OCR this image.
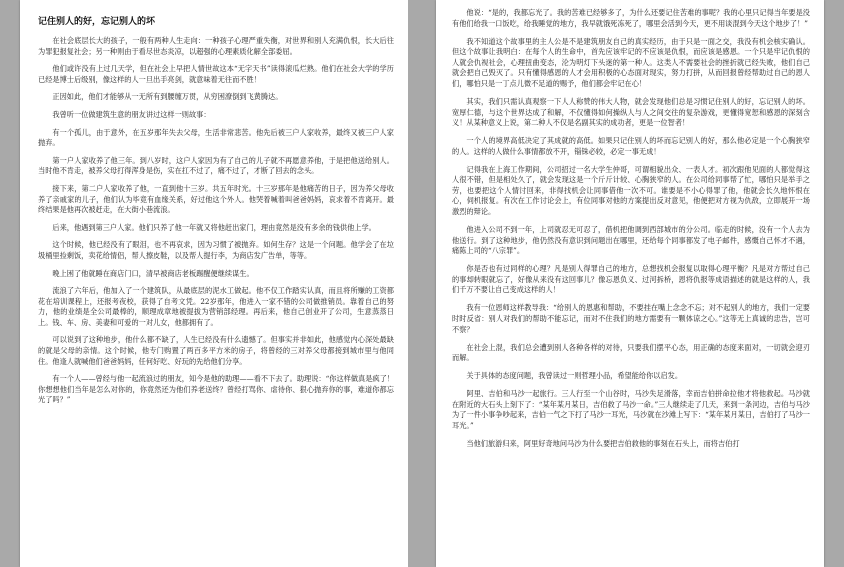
记住别人的好，忘记别人的坏

在社会底层长大的孩子，一般有两种人生走向：一种孩子心理严重失衡，对世界和别人充满仇恨，长大后往为罪犯报复社会；另一种则由于看尽世态炎凉，以超强的心理素质化解全部委屈。

他们或许没有上过几天学，但在社会上早把人情世故这本“无字天书”读得滚瓜烂熟。他们在社会大学的学历已经是博士后级别，像这样的人一旦出手亮剑，就意味着无往而不胜！

正因如此，他们才能够从一无所有到腰缠万贯，从穷困潦倒到飞黄腾达。

我曾听一位做建筑生意的朋友讲过这样一则故事：

有一个孤儿，由于意外，在五岁那年失去父母，生活非常悲苦。他先后被三户人家收养，最终又被三户人家抛弃。

第一户人家收养了他三年。到八岁时，这户人家因为有了自己的儿子就不再愿意养他，于是把他送给别人。当时他不肯走，被养父母打得浑身是伤，实在扛不过了，痛不过了，才断了回去的念头。

接下来，第二户人家收养了他，一直到他十三岁。共五年时光。十三岁那年是他痛苦的日子，因为养父母收养了亲戚家的儿子，他们认为毕竟有血缘关系，好过他这个外人。他哭着喊着叫爸爸妈妈，哀求着不肯离开。最终结果是他再次被赶走，在大街小巷流浪。

后来，他遇到第三户人家。他们只养了他一年就又将他赶出家门，理由竟然是没有多余的钱供他上学。

这个时候，他已经没有了眼泪，也不再哀求，因为习惯了被抛弃。如何生存？这是一个问题。他学会了在垃圾桶里捡剩饭，卖花给情侣，帮人擦皮鞋，以及帮人提行李，为商店发广告单，等等。

晚上困了他就睡在商店门口，清早被商店老板踢醒便继续谋生。

流浪了六年后，他加入了一个建筑队，从最底层的泥水工做起。他不仅工作踏实认真，而且将所赚的工资都花在培训课程上，还报考夜校，获得了自考文凭。22岁那年，他进入一家不错的公司做推销员。靠着自己的努力，他的业绩是全公司最棒的，顺理成章地被提拔为营销部经理。再后来，他自己创业开了公司，生意蒸蒸日上。钱、车、房、美妻和可爱的一对儿女，他都拥有了。

可以说到了这种地步，他什么都不缺了，人生已经没有什么遗憾了。但事实并非如此，他感觉内心深处最缺的就是父母的亲情。这个时候，他专门购置了两百多平方米的房子，将曾经的三对养父母都接到城市里与他同住。他逢人就喊他们爸爸妈妈，任何好吃、好玩的先给他们分享。

有一个人——曾经与他一起流浪过的朋友，知今是他的助理——看不下去了。助理说：“你这样做真是疯了！你想想他们当年是怎么对你的，你竟然还为他们养老送终？曾经打骂你、虐待你、狠心抛弃你的事，难道你都忘光了吗？”

他说：“是的，我都忘光了。我的苦难已经够多了，为什么还要记住苦难的事呢？我的心里只记得当年要是没有他们给我一口饭吃，给我睡觉的地方，我早就饿死冻死了，哪里会活到今天，更不用谈混到今天这个地步了！”

我不知道这个故事里的主人公是不是建筑朋友自己的真实经历，由于只是一面之交，我没有机会核实确认。但这个故事让我明白：在每个人的生命中，首先应该牢记的不应该是仇恨，而应该是感恩。一个只是牢记仇恨的人就会仇视社会，心理扭曲变态，沦为明灯下头迷的第一种人。这类人不需要社会的挫折就已经失败，他们自己就会把自己毁灭了。只有懂得感恩的人才会用积极的心态面对现实，努力打拼，从而回报曾经帮助过自己的恩人们，哪怕只是一丁点儿微不足道的赐予，他们都会牢记在心！

其实，我们只需认真观察一下人人称赞的伟大人物，就会发现他们总是习惯记住别人的好，忘记别人的坏。宽厚仁德，与这个世界达成了和解，不仅懂得如何操纵人与人之间交往的复杂游戏，更懂得宽恕和感恩的深刻含义！从某种意义上说，第二种人不仅是名副其实的成功者，更是一位智者！

一个人的境界高低决定了其成就的高低。如果只记住别人的坏而忘记别人的好，那么他必定是一个心胸狭窄的人。这样的人做什么事情都放不开，锱铢必较，必定一事无成！

记得我在上海工作期间，公司招过一名大学生仲哥，可谓相貌出众、一表人才。初次跟他见面的人都觉得这人很不错，但是相处久了，就会发现这是一个斤斤计较、心胸狭窄的人。在公司给同事帮了忙，哪怕只是举手之劳，也要把这个人情讨回来，非得找机会让同事借他一次不可。谁要是不小心得罪了他，他就会长久地怀恨在心，伺机报复。有次在工作讨论会上，有位同事对他的方案提出反对意见，他便把对方视为仇敌，立即展开一场激烈的辩论。

他进入公司不到一年，上司就忍无可忍了，借机把他调到西部城市的分公司。临走的时候，没有一个人去为他送行。到了这种地步，他仍然没有意识到问题出在哪里，还给每个同事都发了电子邮件，感慨自己怀才不遇，痛陈上司的“八宗罪”。

你是否也有过同样的心理？凡是别人得罪自己的地方，总想找机会报复以取得心理平衡？凡是对方帮过自己的事却转眼就忘了，好像从来没有这回事儿？像忘恩负义、过河拆桥，恩将仇报等成语描述的就是这样的人，我们千万不要让自己变成这样的人！

我有一位恩师这样教导我：“给别人的恩惠和帮助，不要挂在嘴上念念不忘；对不起别人的地方，我们一定要时时反省：别人对我们的帮助不能忘记，而对不住我们的地方需要有一颗体谅之心。”这等无上真诚的忠告，岂可不察？

在社会上混，我们总会遭到别人各种各样的对待，只要我们摆平心态，用正确的态度来面对，一切就会迎刃而解。

关于具体的态度问题，我曾读过一则哲理小品，希望能给你以启发。

阿里、吉伯和马沙一起旅行。三人行至一个山谷时，马沙失足滑落，幸而吉伯拼命拉他才将他救起。马沙就在附近的大石头上刻下了：“某年某月某日，吉伯救了马沙一命。”三人继续走了几天，来到一条河边，吉伯与马沙为了一件小事争吵起来，吉伯一气之下打了马沙一耳光，马沙就在沙滩上写下：“某年某月某日，吉伯打了马沙一耳光。”

当他们旅游归来，阿里好奇地问马沙为什么要把吉伯救他的事刻在石头上，而将吉伯打
